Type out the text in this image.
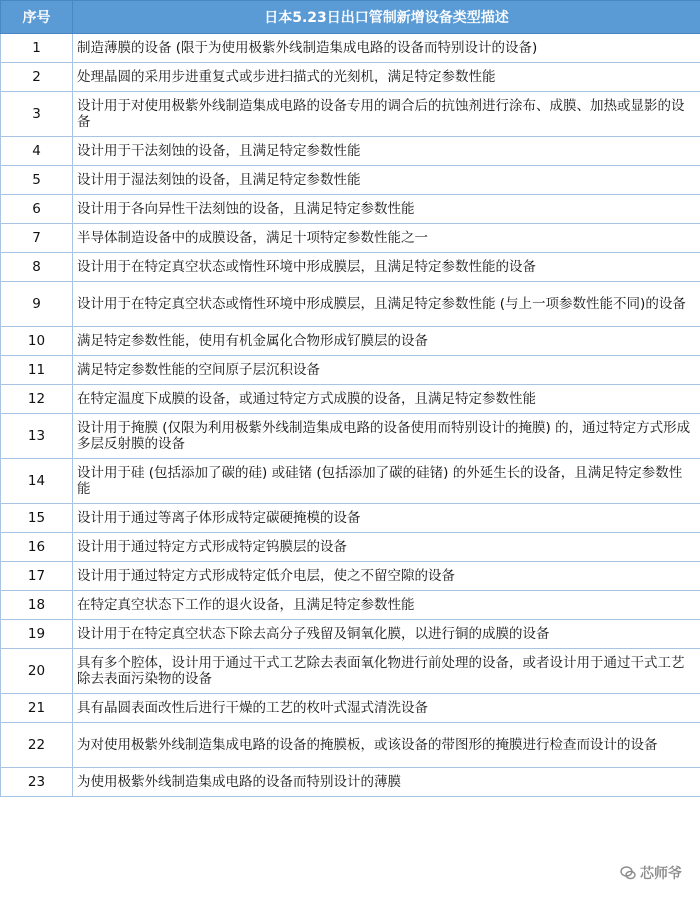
序号	日本5.23日出口管制新增设备类型描述
1	制造薄膜的设备 (限于为使用极紫外线制造集成电路的设备而特别设计的设备)
2	处理晶圆的采用步进重复式或步进扫描式的光刻机，满足特定参数性能
3	设计用于对使用极紫外线制造集成电路的设备专用的调合后的抗蚀剂进行涂布、成膜、加热或显影的设备
4	设计用于干法刻蚀的设备，且满足特定参数性能
5	设计用于湿法刻蚀的设备，且满足特定参数性能
6	设计用于各向异性干法刻蚀的设备，且满足特定参数性能
7	半导体制造设备中的成膜设备，满足十项特定参数性能之一
8	设计用于在特定真空状态或惰性环境中形成膜层，且满足特定参数性能的设备
9	设计用于在特定真空状态或惰性环境中形成膜层，且满足特定参数性能 (与上一项参数性能不同)的设备
10	满足特定参数性能，使用有机金属化合物形成钌膜层的设备
11	满足特定参数性能的空间原子层沉积设备
12	在特定温度下成膜的设备，或通过特定方式成膜的设备，且满足特定参数性能
13	设计用于掩膜 (仅限为利用极紫外线制造集成电路的设备使用而特别设计的掩膜) 的，通过特定方式形成多层反射膜的设备
14	设计用于硅 (包括添加了碳的硅) 或硅锗 (包括添加了碳的硅锗) 的外延生长的设备，且满足特定参数性能
15	设计用于通过等离子体形成特定碳硬掩模的设备
16	设计用于通过特定方式形成特定钨膜层的设备
17	设计用于通过特定方式形成特定低介电层，使之不留空隙的设备
18	在特定真空状态下工作的退火设备，且满足特定参数性能
19	设计用于在特定真空状态下除去高分子残留及铜氧化膜，以进行铜的成膜的设备
20	具有多个腔体，设计用于通过干式工艺除去表面氧化物进行前处理的设备，或者设计用于通过干式工艺除去表面污染物的设备
21	具有晶圆表面改性后进行干燥的工艺的枚叶式湿式清洗设备
22	为对使用极紫外线制造集成电路的设备的掩膜板，或该设备的带图形的掩膜进行检查而设计的设备
23	为使用极紫外线制造集成电路的设备而特别设计的薄膜
芯师爷
